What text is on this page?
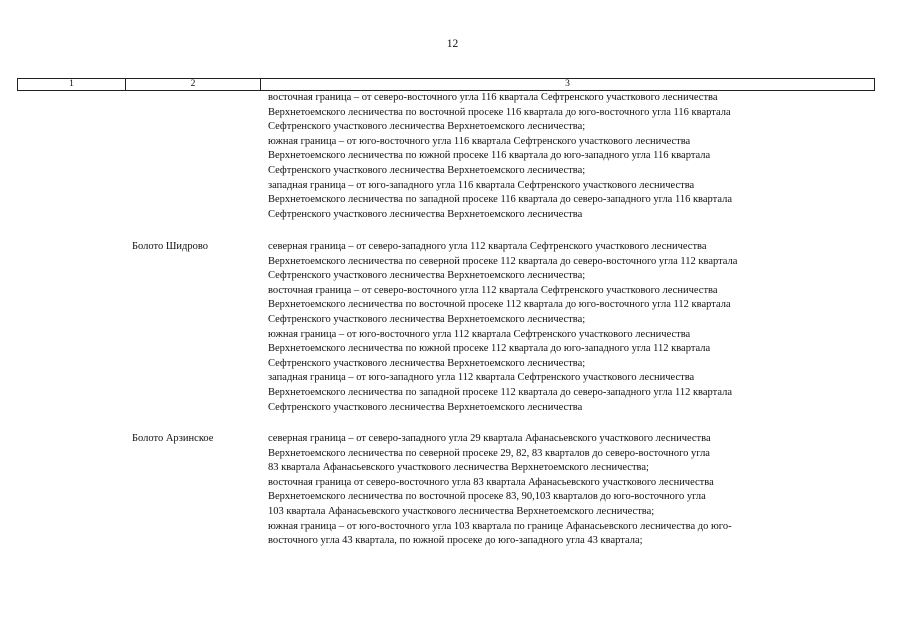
12
1	2	3
восточная граница – от северо-восточного угла 116 квартала Сефтренского участкового лесничества
Верхнетоемского лесничества по восточной просеке 116 квартала до юго-восточного угла 116 квартала
Сефтренского участкового лесничества Верхнетоемского лесничества;
южная граница – от юго-восточного угла 116 квартала Сефтренского участкового лесничества
Верхнетоемского лесничества по южной просеке 116 квартала до юго-западного угла 116 квартала
Сефтренского участкового лесничества Верхнетоемского лесничества;
западная граница – от юго-западного угла 116 квартала Сефтренского участкового лесничества
Верхнетоемского лесничества по западной просеке 116 квартала до северо-западного угла 116 квартала
Сефтренского участкового лесничества Верхнетоемского лесничества
Болото Шидрово	северная граница – от северо-западного угла 112 квартала Сефтренского участкового лесничества
Верхнетоемского лесничества по северной просеке 112 квартала до северо-восточного угла 112 квартала
Сефтренского участкового лесничества Верхнетоемского лесничества;
восточная граница – от северо-восточного угла 112 квартала Сефтренского участкового лесничества
Верхнетоемского лесничества по восточной просеке 112 квартала до юго-восточного угла 112 квартала
Сефтренского участкового лесничества Верхнетоемского лесничества;
южная граница – от юго-восточного угла 112 квартала Сефтренского участкового лесничества
Верхнетоемского лесничества по южной просеке 112 квартала до юго-западного угла 112 квартала
Сефтренского участкового лесничества Верхнетоемского лесничества;
западная граница – от юго-западного угла 112 квартала Сефтренского участкового лесничества
Верхнетоемского лесничества по западной просеке 112 квартала до северо-западного угла 112 квартала
Сефтренского участкового лесничества Верхнетоемского лесничества
Болото Арзинское	северная граница – от северо-западного угла 29 квартала Афанасьевского участкового лесничества
Верхнетоемского лесничества по северной просеке 29, 82, 83 кварталов до северо-восточного угла
83 квартала Афанасьевского участкового лесничества Верхнетоемского лесничества;
восточная граница от северо-восточного угла 83 квартала Афанасьевского участкового лесничества
Верхнетоемского лесничества по восточной просеке 83, 90,103 кварталов до юго-восточного угла
103 квартала Афанасьевского участкового лесничества Верхнетоемского лесничества;
южная граница – от юго-восточного угла 103 квартала по границе Афанасьевского лесничества до юго-
восточного угла 43 квартала, по южной просеке до юго-западного угла 43 квартала;
